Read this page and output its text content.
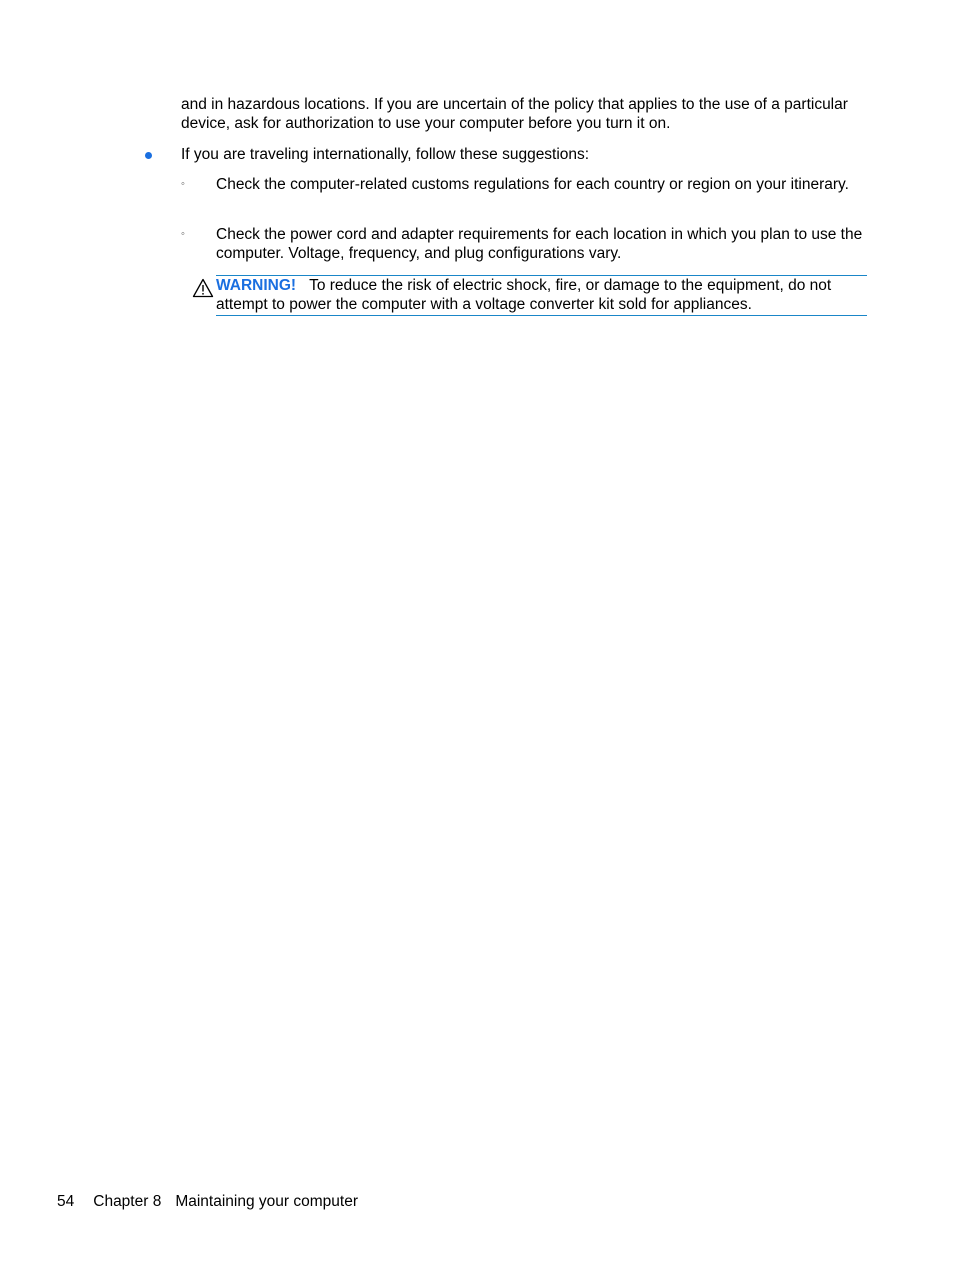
and in hazardous locations. If you are uncertain of the policy that applies to the use of a particular device, ask for authorization to use your computer before you turn it on.

If you are traveling internationally, follow these suggestions:

◦ Check the computer-related customs regulations for each country or region on your itinerary.

◦ Check the power cord and adapter requirements for each location in which you plan to use the computer. Voltage, frequency, and plug configurations vary.

WARNING! To reduce the risk of electric shock, fire, or damage to the equipment, do not attempt to power the computer with a voltage converter kit sold for appliances.

54 Chapter 8 Maintaining your computer
